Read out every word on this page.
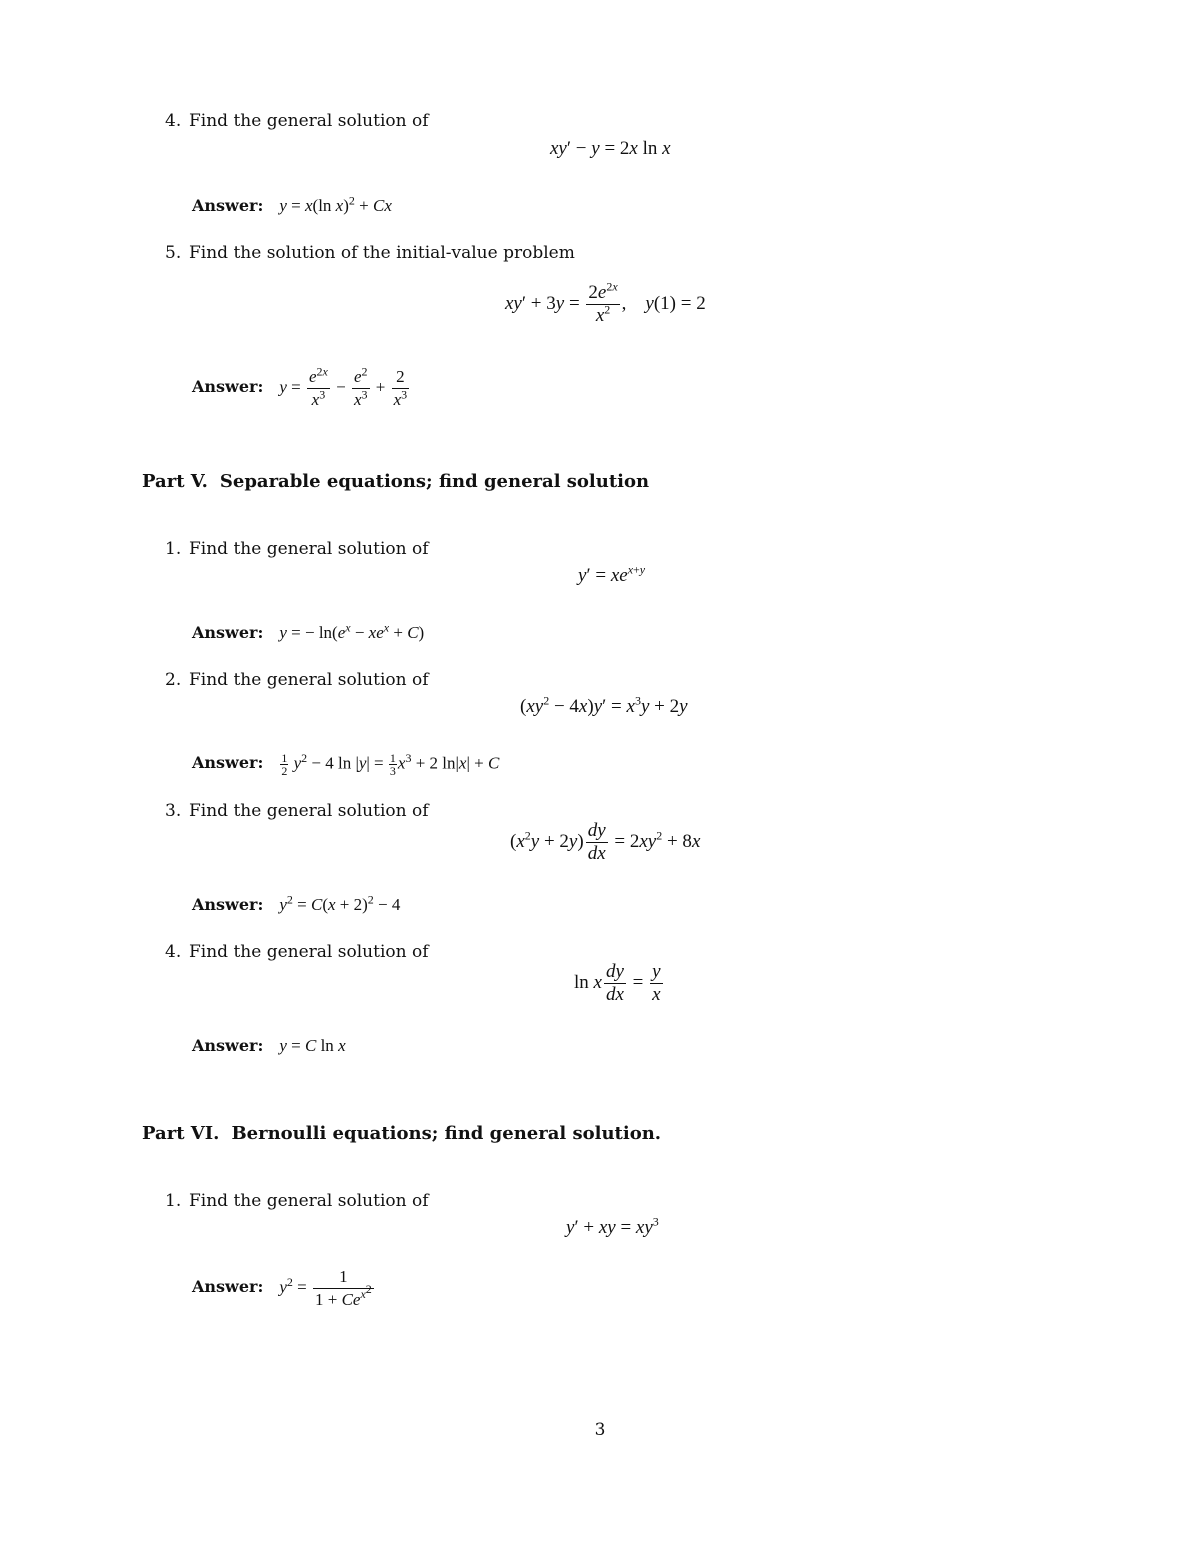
4. Find the general solution of
xy′ − y = 2x ln x
Answer: y = x(ln x)$^2$ + Cx
5. Find the solution of the initial-value problem
$xy' + 3y = \frac{2e^{2x}}{x^2}$ ,    y(1) = 2
Answer: $y = \frac{e^{2x}}{x^3} - \frac{e^2}{x^3} + \frac{2}{x^3}$
Part V. Separable equations; find general solution
1. Find the general solution of
$y' = xe^{x+y}$
Answer: y = − $\ln(e^x - xe^x + C)$
2. Find the general solution of
$(xy^2 - 4x)y' = x^3y + 2y$
Answer: $\frac{1}{2} y^2 - 4$ $\ln |y| = \frac{1}{3} x^3 + 2$ ln|x| + C
3. Find the general solution of
$(x^2y + 2y) \frac{dy}{dx} = 2xy^2 + 8x$
Answer: $y^2 = C(x + 2)^2 - 4$
4. Find the general solution of
ln x $\frac{dy}{dx} = \frac{y}{x}$
Answer: y = C ln x
Part VI. Bernoulli equations; find general solution.
1. Find the general solution of
y′ + xy = $xy^3$
Answer: $y^2 = \frac{1}{1 + Ce^{x^2}}$
3
